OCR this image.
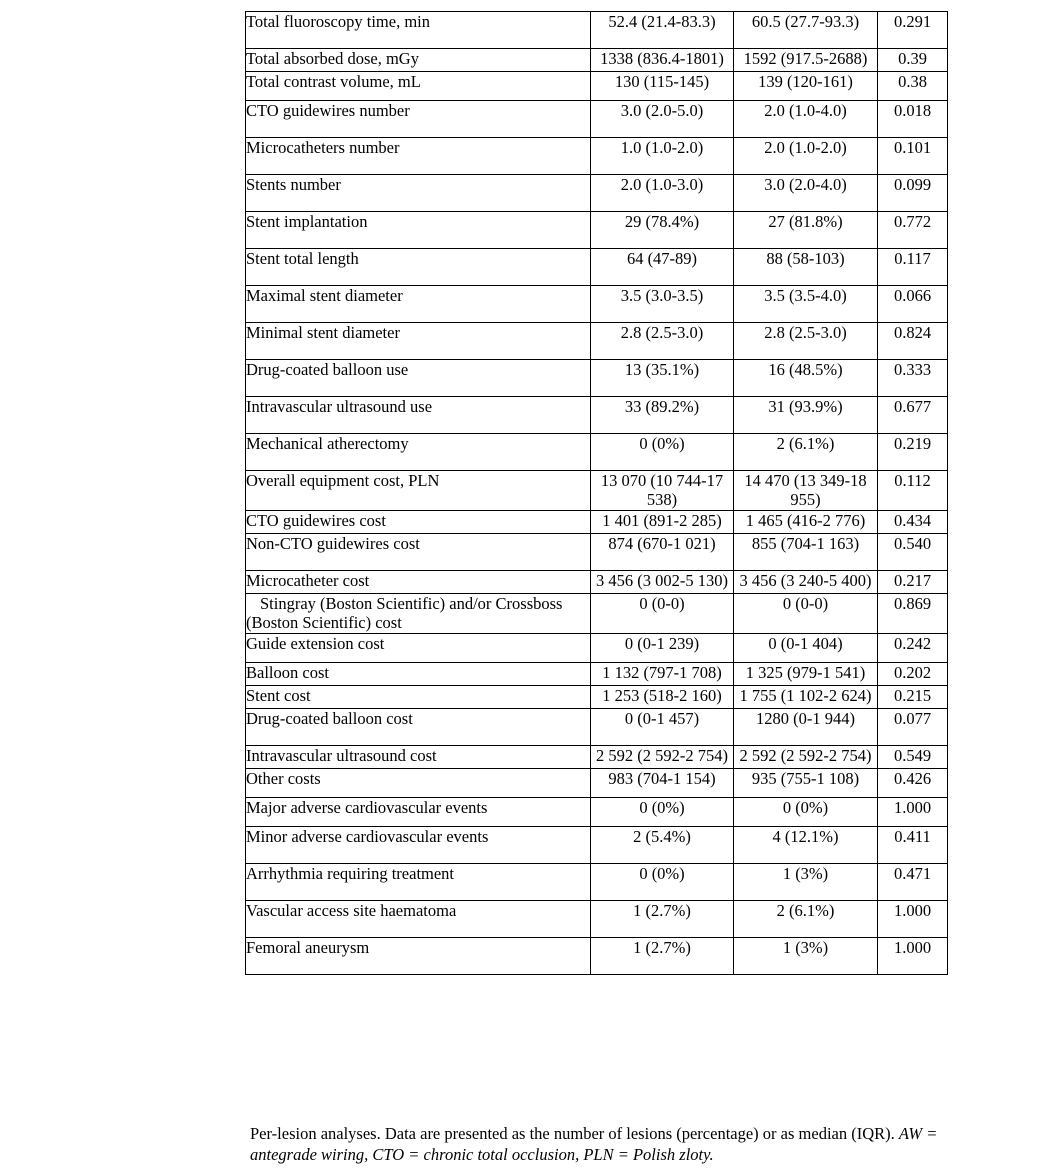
Total fluoroscopy time, min	52.4 (21.4-83.3)	60.5 (27.7-93.3)	0.291
Total absorbed dose, mGy	1338 (836.4-1801)	1592 (917.5-2688)	0.39
Total contrast volume, mL	130 (115-145)	139 (120-161)	0.38
CTO guidewires number	3.0 (2.0-5.0)	2.0 (1.0-4.0)	0.018
Microcatheters number	1.0 (1.0-2.0)	2.0 (1.0-2.0)	0.101
Stents number	2.0 (1.0-3.0)	3.0 (2.0-4.0)	0.099
Stent implantation	29 (78.4%)	27 (81.8%)	0.772
Stent total length	64 (47-89)	88 (58-103)	0.117
Maximal stent diameter	3.5 (3.0-3.5)	3.5 (3.5-4.0)	0.066
Minimal stent diameter	2.8 (2.5-3.0)	2.8 (2.5-3.0)	0.824
Drug-coated balloon use	13 (35.1%)	16 (48.5%)	0.333
Intravascular ultrasound use	33 (89.2%)	31 (93.9%)	0.677
Mechanical atherectomy	0 (0%)	2 (6.1%)	0.219
Overall equipment cost, PLN	13 070 (10 744-17 538)	14 470 (13 349-18 955)	0.112
CTO guidewires cost	1 401 (891-2 285)	1 465 (416-2 776)	0.434
Non-CTO guidewires cost	874 (670-1 021)	855 (704-1 163)	0.540
Microcatheter cost	3 456 (3 002-5 130)	3 456 (3 240-5 400)	0.217
Stingray (Boston Scientific) and/or Crossboss (Boston Scientific) cost	0 (0-0)	0 (0-0)	0.869
Guide extension cost	0 (0-1 239)	0 (0-1 404)	0.242
Balloon cost	1 132 (797-1 708)	1 325 (979-1 541)	0.202
Stent cost	1 253 (518-2 160)	1 755 (1 102-2 624)	0.215
Drug-coated balloon cost	0 (0-1 457)	1280 (0-1 944)	0.077
Intravascular ultrasound cost	2 592 (2 592-2 754)	2 592 (2 592-2 754)	0.549
Other costs	983 (704-1 154)	935 (755-1 108)	0.426
Major adverse cardiovascular events	0 (0%)	0 (0%)	1.000
Minor adverse cardiovascular events	2 (5.4%)	4 (12.1%)	0.411
Arrhythmia requiring treatment	0 (0%)	1 (3%)	0.471
Vascular access site haematoma	1 (2.7%)	2 (6.1%)	1.000
Femoral aneurysm	1 (2.7%)	1 (3%)	1.000
Per-lesion analyses. Data are presented as the number of lesions (percentage) or as median (IQR). AW = antegrade wiring, CTO = chronic total occlusion, PLN = Polish zloty.
